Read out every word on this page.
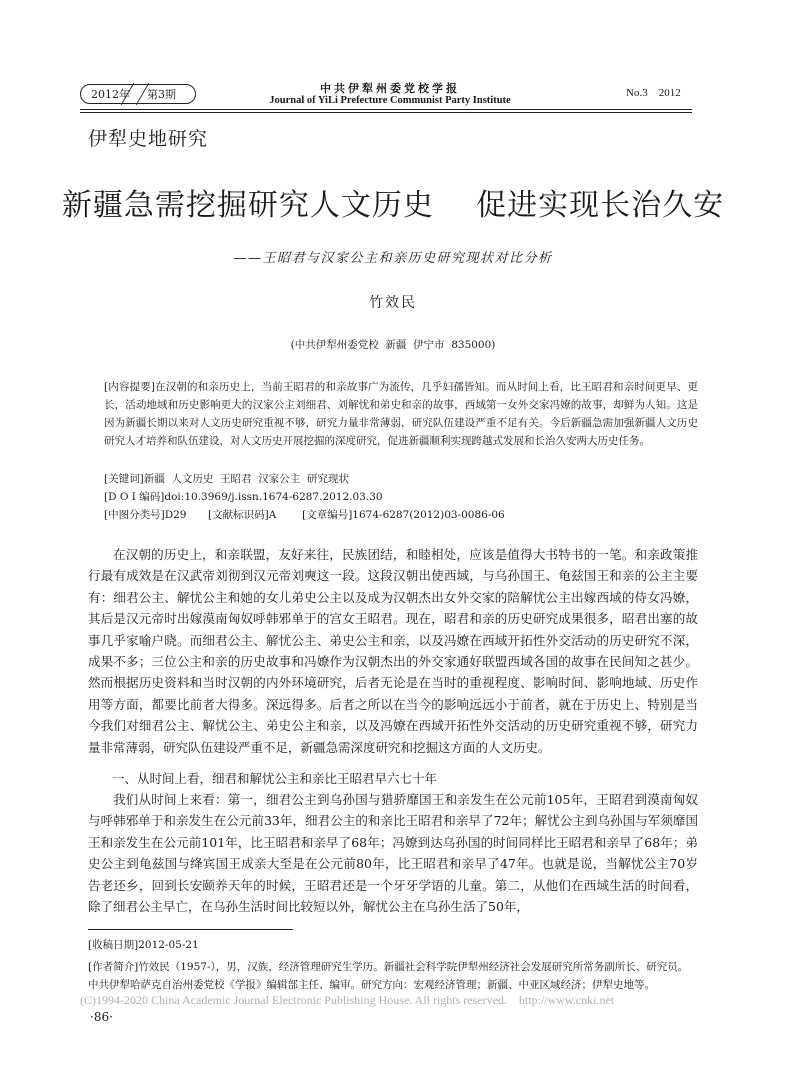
2012年 第3期	中共伊犁州委党校学报
Journal of YiLi Prefecture Communist Party Institute
No.3    2012
伊犁史地研究
新疆急需挖掘研究人文历史    促进实现长治久安
——王昭君与汉家公主和亲历史研究现状对比分析
竹效民
(中共伊犁州委党校  新疆  伊宁市  835000)
[内容提要]在汉朝的和亲历史上，当前王昭君的和亲故事广为流传，几乎妇孺皆知。而从时间上看，比王昭君和亲时间更早、更长，活动地域和历史影响更大的汉家公主刘细君、刘解忧和弟史和亲的故事，西域第一女外交家冯嫽的故事，却鲜为人知。这是因为新疆长期以来对人文历史研究重视不够，研究力量非常薄弱，研究队伍建设严重不足有关。今后新疆急需加强新疆人文历史研究人才培养和队伍建设，对人文历史开展挖掘的深度研究，促进新疆顺利实现跨越式发展和长治久安两大历史任务。
[关键词]新疆  人文历史  王昭君  汉家公主  研究现状
[D O I 编码]doi:10.3969/j.issn.1674-6287.2012.03.30
[中图分类号]D29 [文献标识码]A [文章编号]1674-6287(2012)03-0086-06

在汉朝的历史上，和亲联盟，友好来往，民族团结，和睦相处，应该是值得大书特书的一笔。和亲政策推行最有成效是在汉武帝刘彻到汉元帝刘奭这一段。这段汉朝出使西域，与乌孙国王、龟兹国王和亲的公主主要有：细君公主、解忧公主和她的女儿弟史公主以及成为汉朝杰出女外交家的陪解忧公主出嫁西域的侍女冯嫽，其后是汉元帝时出嫁漠南匈奴呼韩邪单于的宫女王昭君。现在，昭君和亲的历史研究成果很多，昭君出塞的故事几乎家喻户晓。而细君公主、解忧公主、弟史公主和亲，以及冯嫽在西域开拓性外交活动的历史研究不深，成果不多；三位公主和亲的历史故事和冯嫽作为汉朝杰出的外交家通好联盟西域各国的故事在民间知之甚少。然而根据历史资料和当时汉朝的内外环境研究，后者无论是在当时的重视程度、影响时间、影响地域、历史作用等方面，都要比前者大得多。深远得多。后者之所以在当今的影响远远小于前者，就在于历史上、特别是当今我们对细君公主、解忧公主、弟史公主和亲，以及冯嫽在西域开拓性外交活动的历史研究重视不够，研究力量非常薄弱，研究队伍建设严重不足，新疆急需深度研究和挖掘这方面的人文历史。

一、从时间上看，细君和解忧公主和亲比王昭君早六七十年

我们从时间上来看：第一，细君公主到乌孙国与猎骄靡国王和亲发生在公元前105年，王昭君到漠南匈奴与呼韩邪单于和亲发生在公元前33年，细君公主的和亲比王昭君和亲早了72年；解忧公主到乌孙国与军须靡国王和亲发生在公元前101年，比王昭君和亲早了68年；冯嫽到达乌孙国的时间同样比王昭君和亲早了68年；弟史公主到龟兹国与绛宾国王成亲大至是在公元前80年，比王昭君和亲早了47年。也就是说，当解忧公主70岁告老还乡，回到长安颐养天年的时候，王昭君还是一个牙牙学语的儿童。第二，从他们在西域生活的时间看，除了细君公主早亡，在乌孙生活时间比较短以外，解忧公主在乌孙生活了50年，

[收稿日期]2012-05-21
[作者简介]竹效民（1957-），男，汉族，经济管理研究生学历。新疆社会科学院伊犁州经济社会发展研究所常务副所长、研究员。中共伊犁哈萨克自治州委党校《学报》编辑部主任、编审。研究方向：宏观经济管理；新疆、中亚区域经济；伊犁史地等。
(C)1994-2020 China Academic Journal Electronic Publishing House. All rights reserved.    http://www.cnki.net
·86·
